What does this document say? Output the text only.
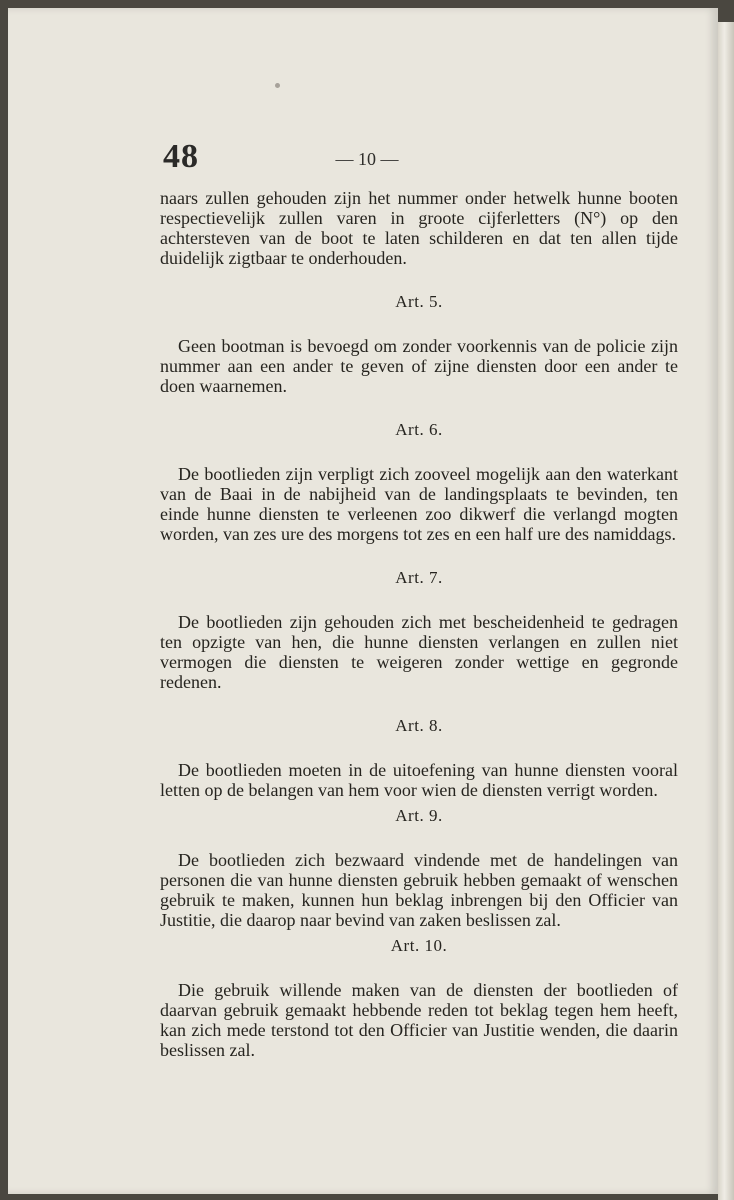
48	— 10 —

naars zullen gehouden zijn het nummer onder hetwelk hunne booten respectievelijk zullen varen in groote cijferletters (N°) op den achtersteven van de boot te laten schilderen en dat ten allen tijde duidelijk zigtbaar te onderhouden.

Art. 5.

Geen bootman is bevoegd om zonder voorkennis van de policie zijn nummer aan een ander te geven of zijne diensten door een ander te doen waarnemen.

Art. 6.

De bootlieden zijn verpligt zich zooveel mogelijk aan den waterkant van de Baai in de nabijheid van de landingsplaats te bevinden, ten einde hunne diensten te verleenen zoo dikwerf die verlangd mogten worden, van zes ure des morgens tot zes en een half ure des namiddags.

Art. 7.

De bootlieden zijn gehouden zich met bescheidenheid te gedragen ten opzigte van hen, die hunne diensten verlangen en zullen niet vermogen die diensten te weigeren zonder wettige en gegronde redenen.

Art. 8.

De bootlieden moeten in de uitoefening van hunne diensten vooral letten op de belangen van hem voor wien de diensten verrigt worden.

Art. 9.

De bootlieden zich bezwaard vindende met de handelingen van personen die van hunne diensten gebruik hebben gemaakt of wenschen gebruik te maken, kunnen hun beklag inbrengen bij den Officier van Justitie, die daarop naar bevind van zaken beslissen zal.

Art. 10.

Die gebruik willende maken van de diensten der bootlieden of daarvan gebruik gemaakt hebbende reden tot beklag tegen hem heeft, kan zich mede terstond tot den Officier van Justitie wenden, die daarin beslissen zal.
